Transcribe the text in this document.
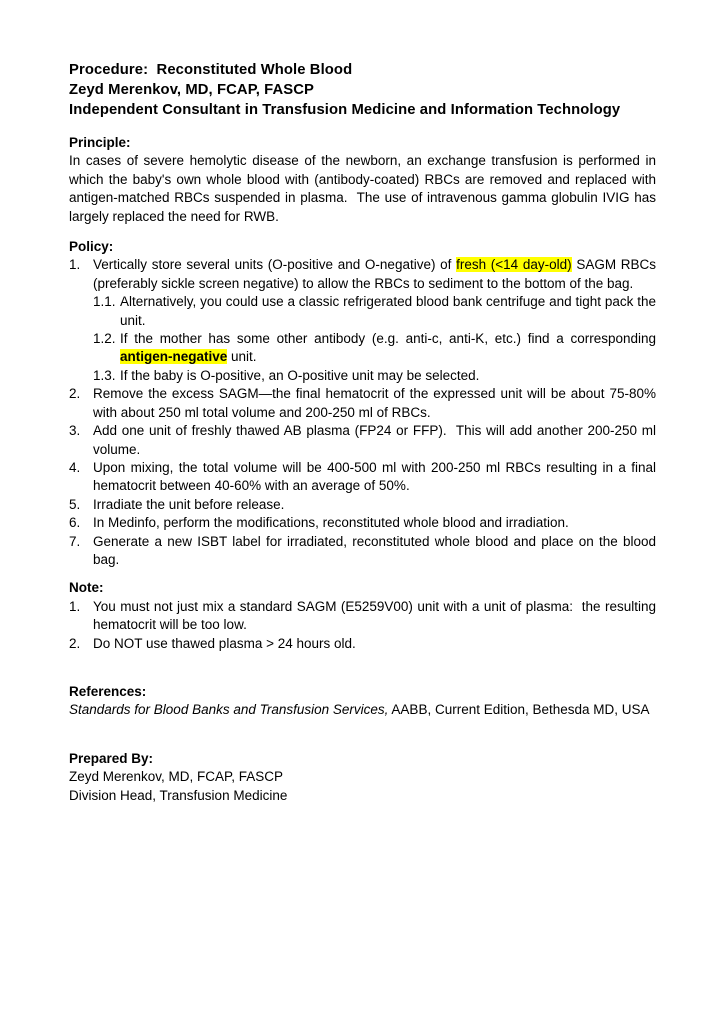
Procedure:  Reconstituted Whole Blood
Zeyd Merenkov, MD, FCAP, FASCP
Independent Consultant in Transfusion Medicine and Information Technology
Principle:

In cases of severe hemolytic disease of the newborn, an exchange transfusion is performed in which the baby's own whole blood with (antibody-coated) RBCs are removed and replaced with antigen-matched RBCs suspended in plasma.  The use of intravenous gamma globulin IVIG has largely replaced the need for RWB.

Policy:
1. Vertically store several units (O-positive and O-negative) of fresh (<14 day-old) SAGM RBCs (preferably sickle screen negative) to allow the RBCs to sediment to the bottom of the bag.
1.1. Alternatively, you could use a classic refrigerated blood bank centrifuge and tight pack the unit.
1.2. If the mother has some other antibody (e.g. anti-c, anti-K, etc.) find a corresponding antigen-negative unit.
1.3. If the baby is O-positive, an O-positive unit may be selected.
2. Remove the excess SAGM—the final hematocrit of the expressed unit will be about 75-80% with about 250 ml total volume and 200-250 ml of RBCs.
3. Add one unit of freshly thawed AB plasma (FP24 or FFP).  This will add another 200-250 ml volume.
4. Upon mixing, the total volume will be 400-500 ml with 200-250 ml RBCs resulting in a final hematocrit between 40-60% with an average of 50%.
5. Irradiate the unit before release.
6. In Medinfo, perform the modifications, reconstituted whole blood and irradiation.
7. Generate a new ISBT label for irradiated, reconstituted whole blood and place on the blood bag.
Note:
1. You must not just mix a standard SAGM (E5259V00) unit with a unit of plasma:  the resulting hematocrit will be too low.
2. Do NOT use thawed plasma > 24 hours old.
References:

Standards for Blood Banks and Transfusion Services, AABB, Current Edition, Bethesda MD, USA

Prepared By:
Zeyd Merenkov, MD, FCAP, FASCP
Division Head, Transfusion Medicine
